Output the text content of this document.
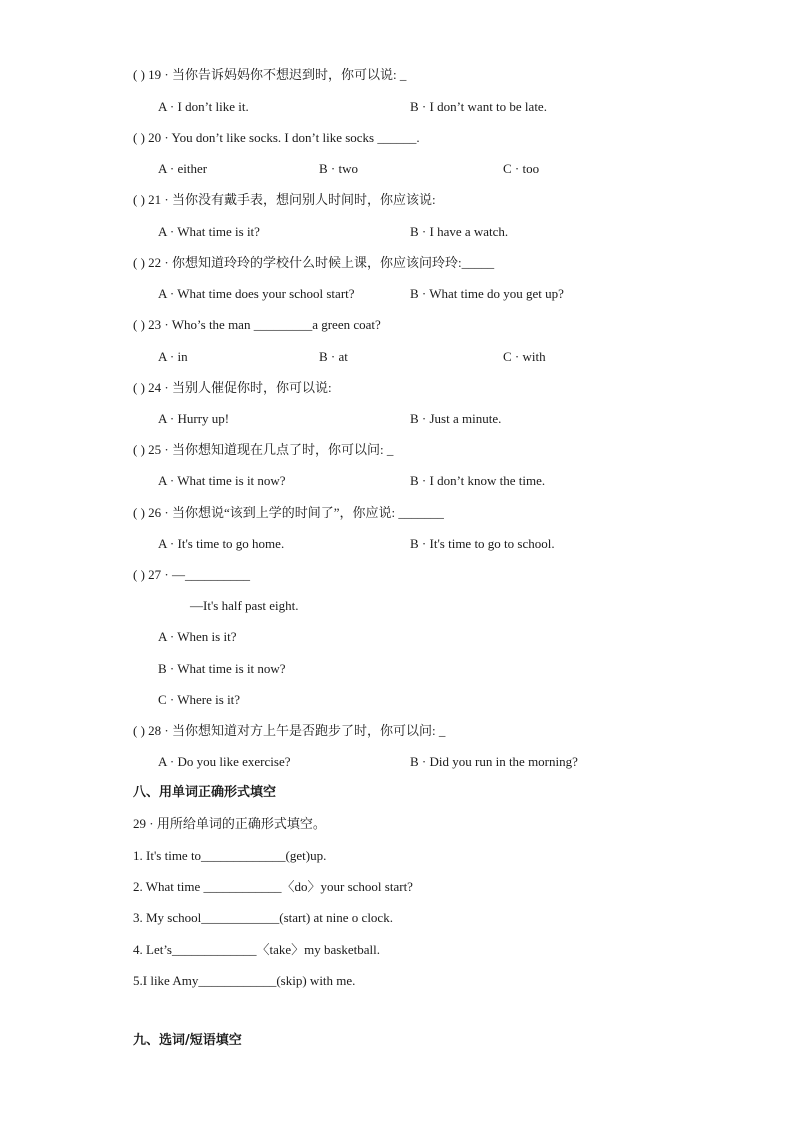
( ) 19 · 当你告诉妈妈你不想迟到时，你可以说: _
A · I don’t like it.	B · I don’t want to be late.
( ) 20 · You don’t like socks. I don’t like socks ______.
A · either	B · two	C · too
( ) 21 · 当你没有戴手表，想问别人时间时，你应该说:
A · What time is it?	B · I have a watch.
( ) 22 · 你想知道玲玲的学校什么时候上课，你应该问玲玲:_____
A · What time does your school start?	B · What time do you get up?
( ) 23 · Who’s the man _________a green coat?
A · in	B · at	C · with
( ) 24 · 当别人催促你时，你可以说:
A · Hurry up!	B · Just a minute.
( ) 25 · 当你想知道现在几点了时，你可以问: _
A · What time is it now?	B · I don’t know the time.
( ) 26 · 当你想说“该到上学的时间了”，你应说: _______
A · It's time to go home.	B · It's time to go to school.
( ) 27 · —__________
—It's half past eight.
A · When is it?
B · What time is it now?
C · Where is it?
( ) 28 · 当你想知道对方上午是否跑步了时，你可以问: _
A · Do you like exercise?	B · Did you run in the morning?
八、用单词正确形式填空
29 · 用所给单词的正确形式填空。
1. It's time to_____________(get)up.
2. What time ____________〈do〉your school start?
3. My school____________(start) at nine o clock.
4. Let’s_____________〈take〉my basketball.
5.I like Amy____________(skip) with me.
九、选词/短语填空
